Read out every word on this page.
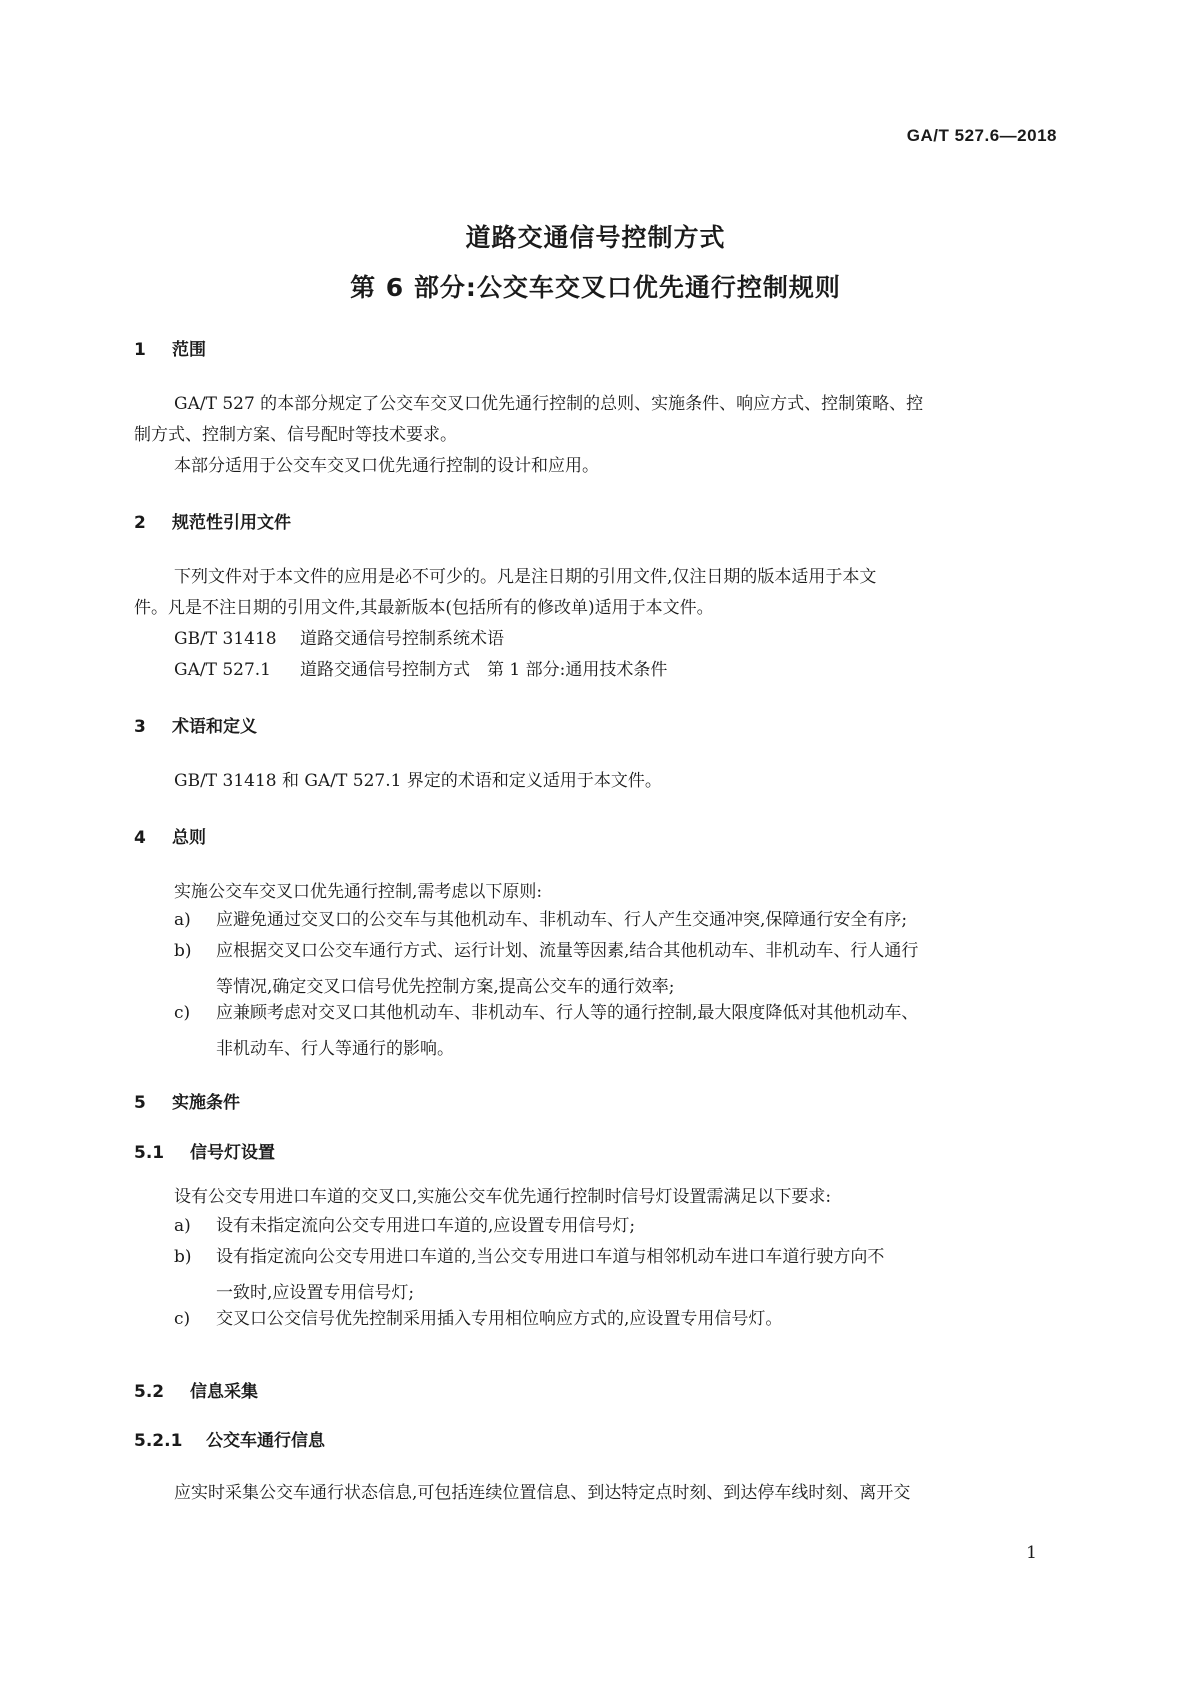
GA/T 527.6—2018
道路交通信号控制方式
第 6 部分:公交车交叉口优先通行控制规则
1 范围
GA/T 527 的本部分规定了公交车交叉口优先通行控制的总则、实施条件、响应方式、控制策略、控
制方式、控制方案、信号配时等技术要求。
本部分适用于公交车交叉口优先通行控制的设计和应用。
2 规范性引用文件
下列文件对于本文件的应用是必不可少的。凡是注日期的引用文件,仅注日期的版本适用于本文
件。凡是不注日期的引用文件,其最新版本(包括所有的修改单)适用于本文件。
GB/T 31418 道路交通信号控制系统术语
GA/T 527.1 道路交通信号控制方式　第 1 部分:通用技术条件
3 术语和定义
GB/T 31418 和 GA/T 527.1 界定的术语和定义适用于本文件。
4 总则
实施公交车交叉口优先通行控制,需考虑以下原则:
a) 应避免通过交叉口的公交车与其他机动车、非机动车、行人产生交通冲突,保障通行安全有序;
b) 应根据交叉口公交车通行方式、运行计划、流量等因素,结合其他机动车、非机动车、行人通行
等情况,确定交叉口信号优先控制方案,提高公交车的通行效率;
c) 应兼顾考虑对交叉口其他机动车、非机动车、行人等的通行控制,最大限度降低对其他机动车、
非机动车、行人等通行的影响。
5 实施条件
5.1 信号灯设置
设有公交专用进口车道的交叉口,实施公交车优先通行控制时信号灯设置需满足以下要求:
a) 设有未指定流向公交专用进口车道的,应设置专用信号灯;
b) 设有指定流向公交专用进口车道的,当公交专用进口车道与相邻机动车进口车道行驶方向不
一致时,应设置专用信号灯;
c) 交叉口公交信号优先控制采用插入专用相位响应方式的,应设置专用信号灯。
5.2 信息采集
5.2.1 公交车通行信息
应实时采集公交车通行状态信息,可包括连续位置信息、到达特定点时刻、到达停车线时刻、离开交
1
